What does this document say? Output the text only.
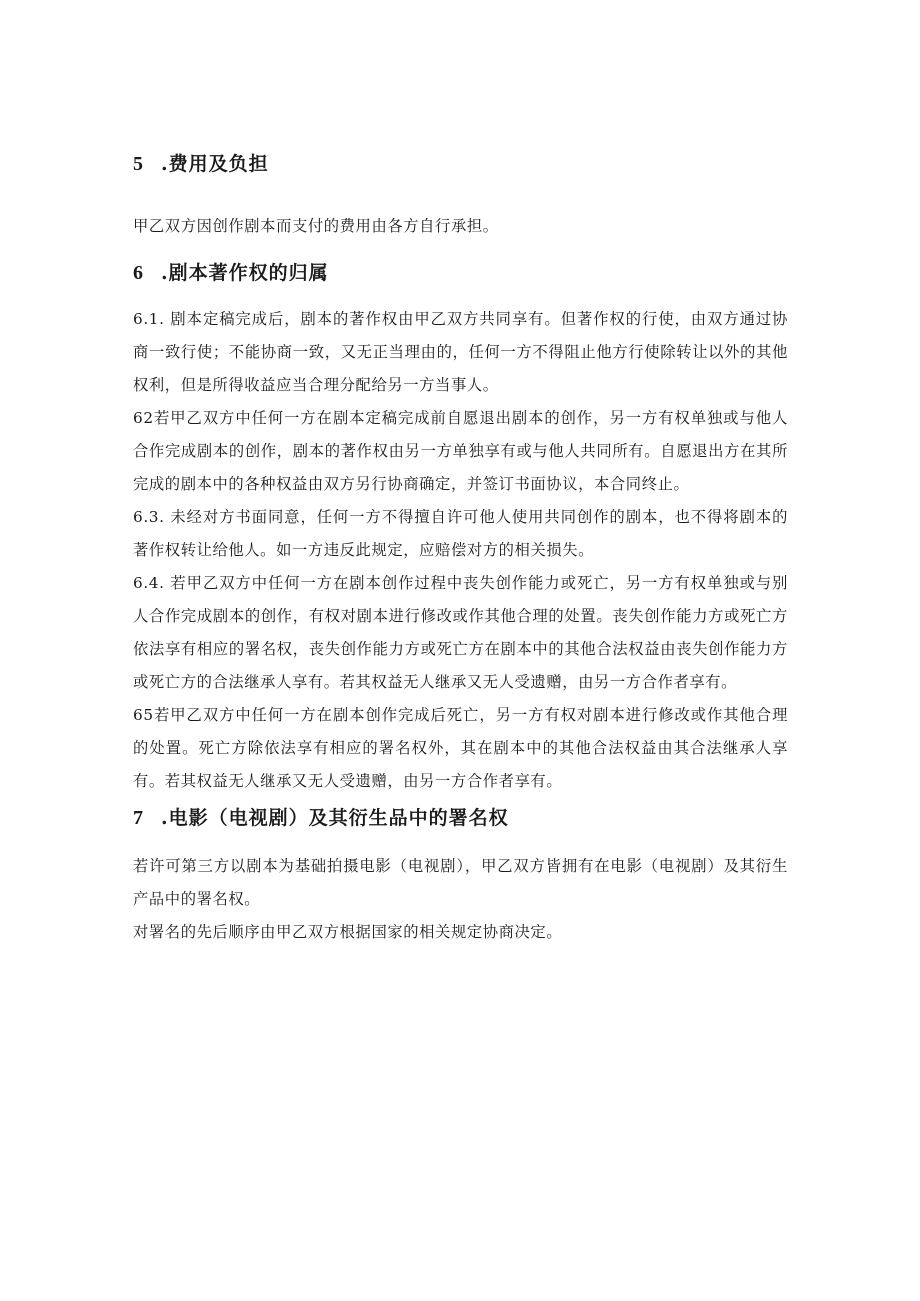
5 .费用及负担

甲乙双方因创作剧本而支付的费用由各方自行承担。

6 .剧本著作权的归属

6.1. 剧本定稿完成后，剧本的著作权由甲乙双方共同享有。但著作权的行使，由双方通过协商一致行使；不能协商一致，又无正当理由的，任何一方不得阻止他方行使除转让以外的其他权利，但是所得收益应当合理分配给另一方当事人。

62若甲乙双方中任何一方在剧本定稿完成前自愿退出剧本的创作，另一方有权单独或与他人合作完成剧本的创作，剧本的著作权由另一方单独享有或与他人共同所有。自愿退出方在其所完成的剧本中的各种权益由双方另行协商确定，并签订书面协议，本合同终止。

6.3. 未经对方书面同意，任何一方不得擅自许可他人使用共同创作的剧本，也不得将剧本的著作权转让给他人。如一方违反此规定，应赔偿对方的相关损失。

6.4. 若甲乙双方中任何一方在剧本创作过程中丧失创作能力或死亡，另一方有权单独或与别人合作完成剧本的创作，有权对剧本进行修改或作其他合理的处置。丧失创作能力方或死亡方依法享有相应的署名权，丧失创作能力方或死亡方在剧本中的其他合法权益由丧失创作能力方或死亡方的合法继承人享有。若其权益无人继承又无人受遗赠，由另一方合作者享有。

65若甲乙双方中任何一方在剧本创作完成后死亡，另一方有权对剧本进行修改或作其他合理的处置。死亡方除依法享有相应的署名权外，其在剧本中的其他合法权益由其合法继承人享有。若其权益无人继承又无人受遗赠，由另一方合作者享有。

7 .电影（电视剧）及其衍生品中的署名权

若许可第三方以剧本为基础拍摄电影（电视剧），甲乙双方皆拥有在电影（电视剧）及其衍生产品中的署名权。

对署名的先后顺序由甲乙双方根据国家的相关规定协商决定。
